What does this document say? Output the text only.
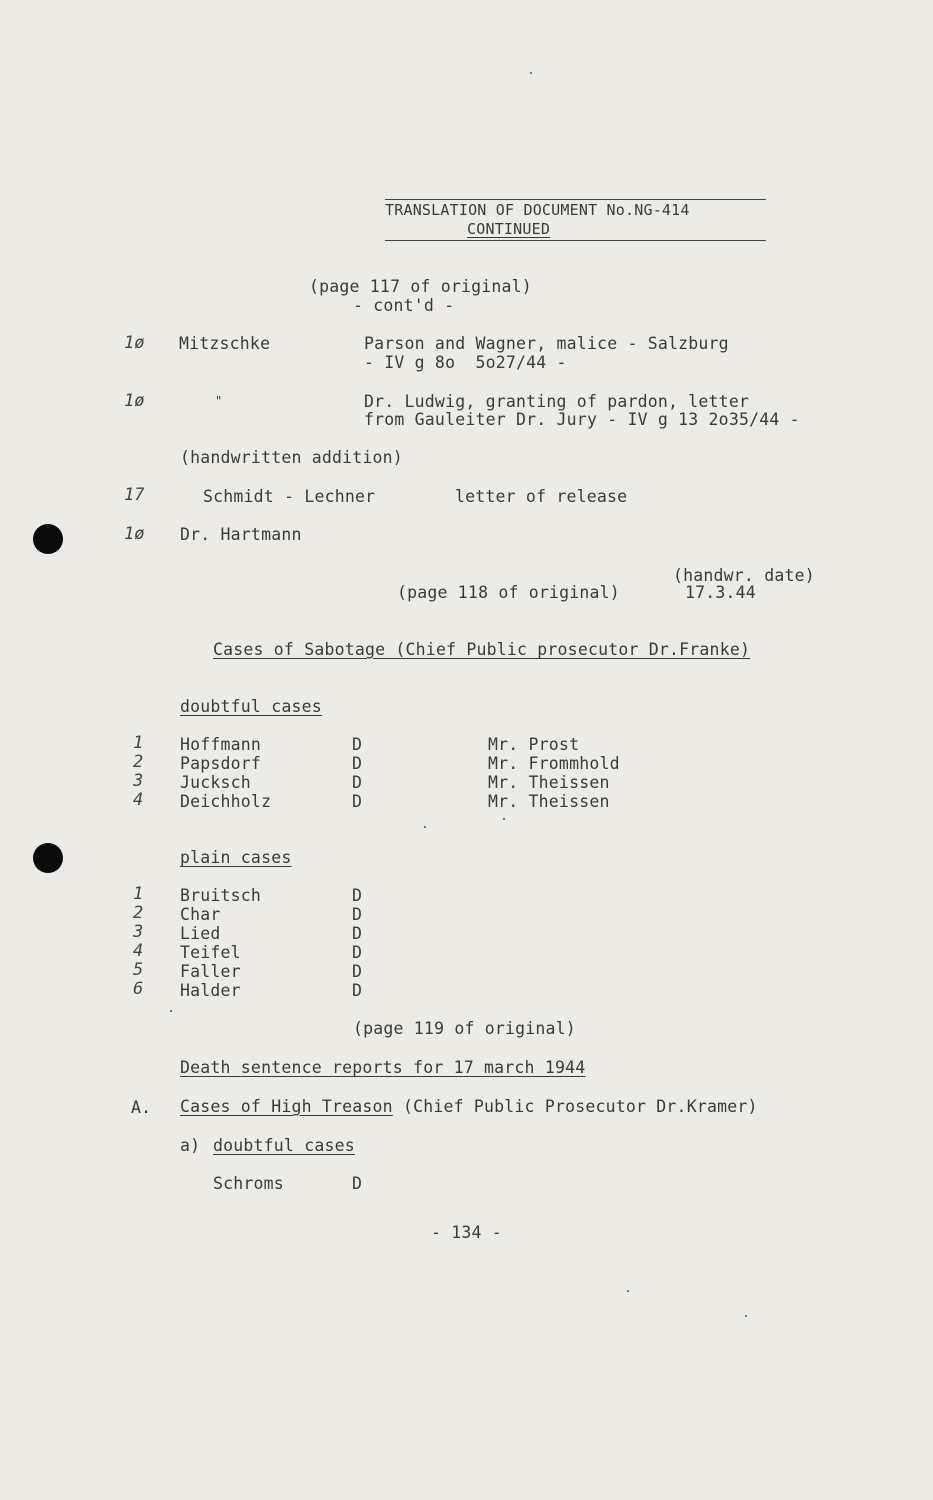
TRANSLATION OF DOCUMENT No.NG-414
CONTINUED
(page 117 of original)
- cont'd -
1ø Mitzschke	Parson and Wagner, malice - Salzburg
- IV g 8o  5o27/44 -
1ø	"	Dr. Ludwig, granting of pardon, letter
from Gauleiter Dr. Jury - IV g 13 2o35/44 -
(handwritten addition)
17	Schmidt - Lechner	letter of release
1ø Dr. Hartmann
(handwr. date)
(page 118 of original)	17.3.44
Cases of Sabotage (Chief Public prosecutor Dr.Franke)
doubtful cases
1 Hoffmann	D	Mr. Prost
2 Papsdorf	D	Mr. Frommhold
3 Jucksch	D	Mr. Theissen
4 Deichholz	D	Mr. Theissen
plain cases
1 Bruitsch	D
2 Char	D
3 Lied	D
4 Teifel	D
5 Faller	D
6 Halder	D
(page 119 of original)
Death sentence reports for 17 march 1944
A. Cases of High Treason (Chief Public Prosecutor Dr.Kramer)
a) doubtful cases
Schroms	D
- 134 -
